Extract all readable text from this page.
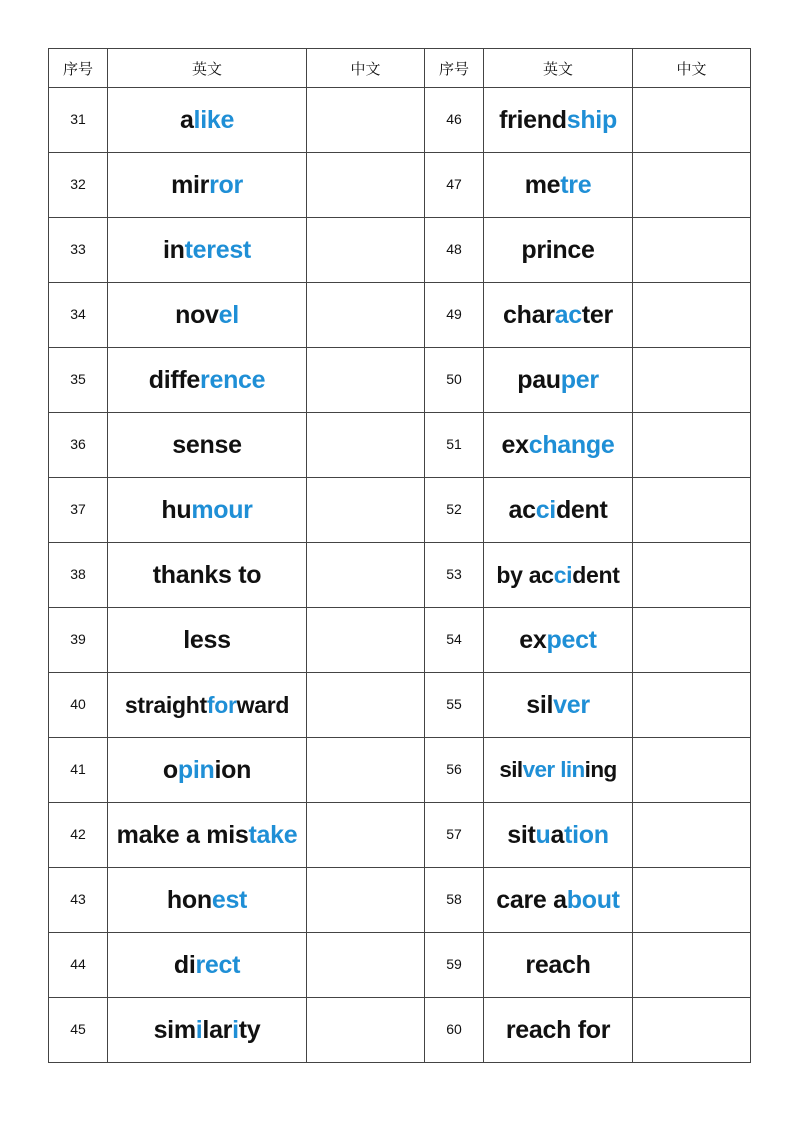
序号	英文	中文	序号	英文	中文
31	alike		46	friendship	
32	mirror		47	metre	
33	interest		48	prince	
34	novel		49	character	
35	difference		50	pauper	
36	sense		51	exchange	
37	humour		52	accident	
38	thanks to		53	by accident	
39	less		54	expect	
40	straightforward		55	silver	
41	opinion		56	silver lining	
42	make a mistake		57	situation	
43	honest		58	care about	
44	direct		59	reach	
45	similarity		60	reach for	
